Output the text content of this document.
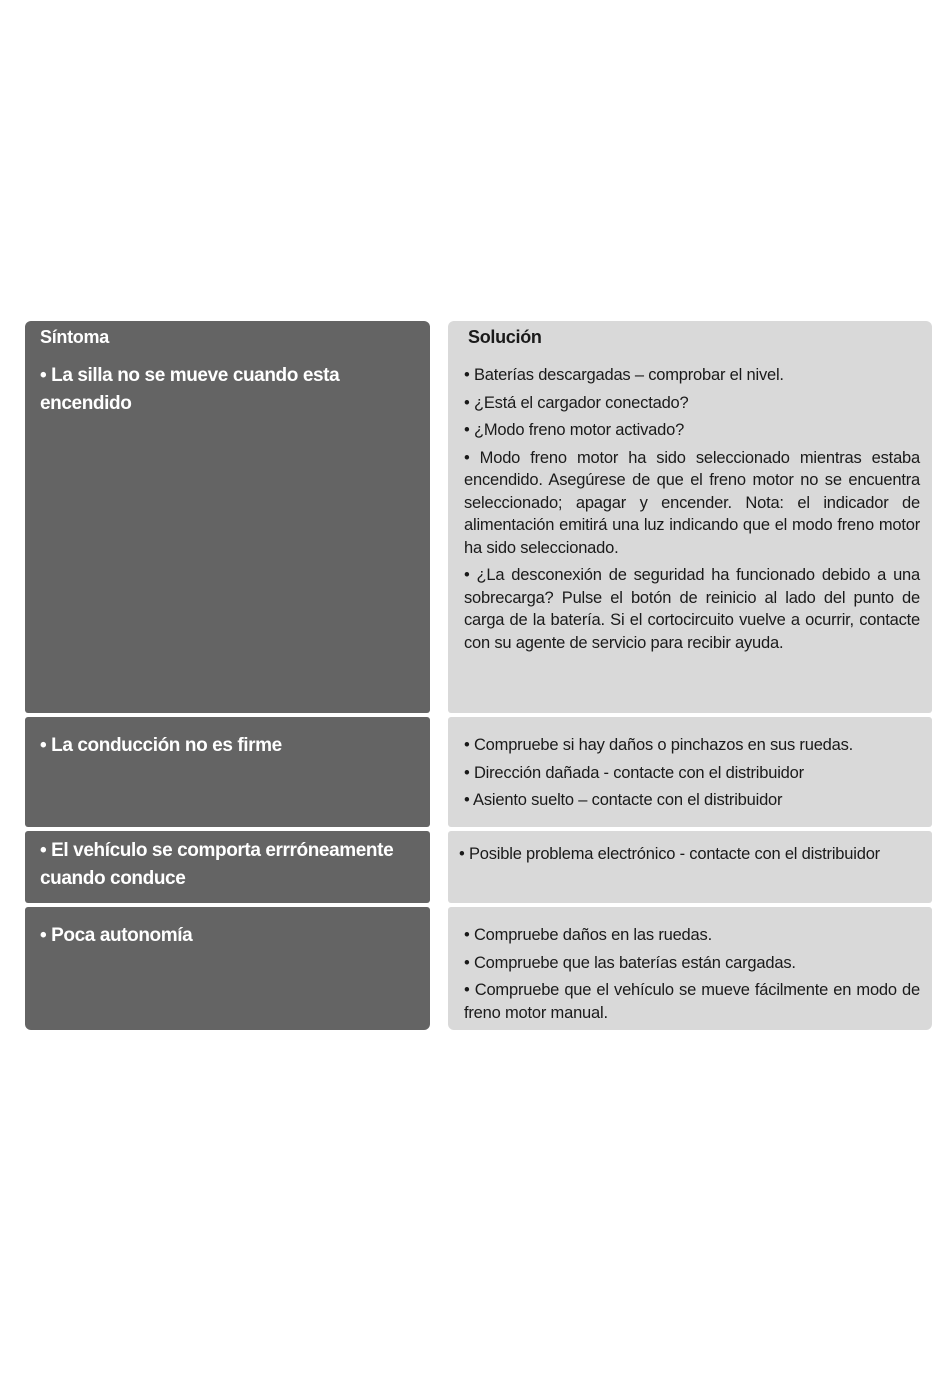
Síntoma
• La silla no se mueve cuando esta encendido
Solución
• Baterías descargadas – comprobar el nivel.
• ¿Está el cargador conectado?
• ¿Modo freno motor activado?
• Modo freno motor ha sido seleccionado mientras estaba encendido. Asegúrese de que el freno motor no se encuentra seleccionado; apagar y encender. Nota: el indicador de alimentación emitirá una luz indicando que el modo freno motor ha sido seleccionado.
• ¿La desconexión de seguridad ha funcionado debido a una sobrecarga? Pulse el botón de reinicio al lado del punto de carga de la batería. Si el cortocircuito vuelve a ocurrir, contacte con su agente de servicio para recibir ayuda.
• La conducción no es firme	• Compruebe si hay daños o pinchazos en sus ruedas.
• Dirección dañada - contacte con el distribuidor
• Asiento suelto – contacte con el distribuidor
• El vehículo se comporta errróneamente cuando conduce
• Posible problema electrónico - contacte con el distribuidor
• Poca autonomía	• Compruebe daños en las ruedas.
• Compruebe que las baterías están cargadas.
• Compruebe que el vehículo se mueve fácilmente en modo de freno motor manual.
